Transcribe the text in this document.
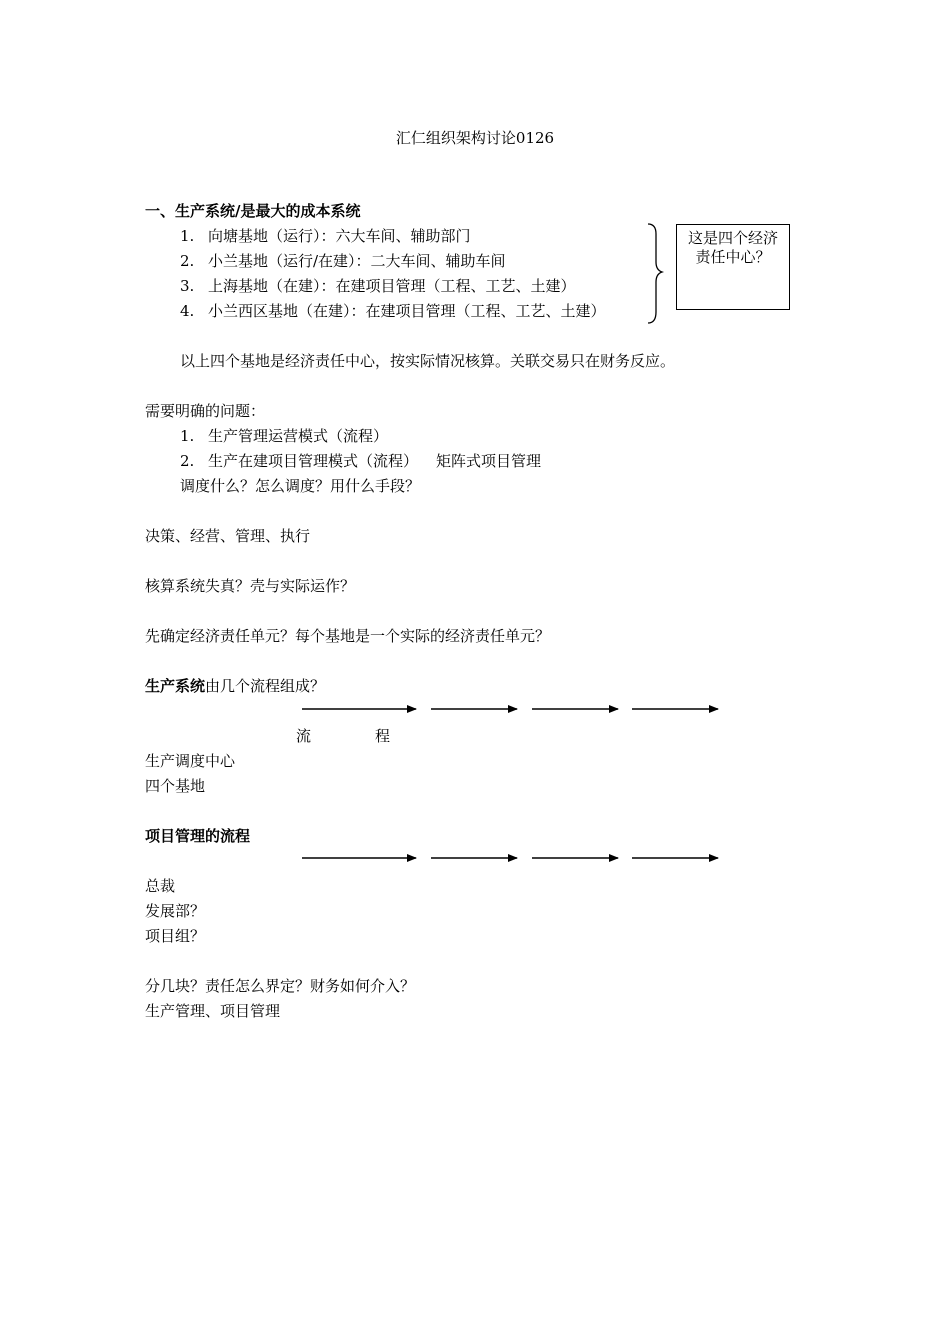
汇仁组织架构讨论0126
一、生产系统/是最大的成本系统
1. 向塘基地（运行）：六大车间、辅助部门
2. 小兰基地（运行/在建）：二大车间、辅助车间
3. 上海基地（在建）：在建项目管理（工程、工艺、土建）
4. 小兰西区基地（在建）：在建项目管理（工程、工艺、土建）
这是四个经济责任中心？
以上四个基地是经济责任中心，按实际情况核算。关联交易只在财务反应。
需要明确的问题：
1. 生产管理运营模式（流程）
2. 生产在建项目管理模式（流程） 矩阵式项目管理
调度什么？怎么调度？用什么手段？
决策、经营、管理、执行
核算系统失真？壳与实际运作？
先确定经济责任单元？每个基地是一个实际的经济责任单元？
生产系统由几个流程组成？
流	程
生产调度中心
四个基地
项目管理的流程
总裁
发展部？
项目组？
分几块？责任怎么界定？财务如何介入？
生产管理、项目管理
